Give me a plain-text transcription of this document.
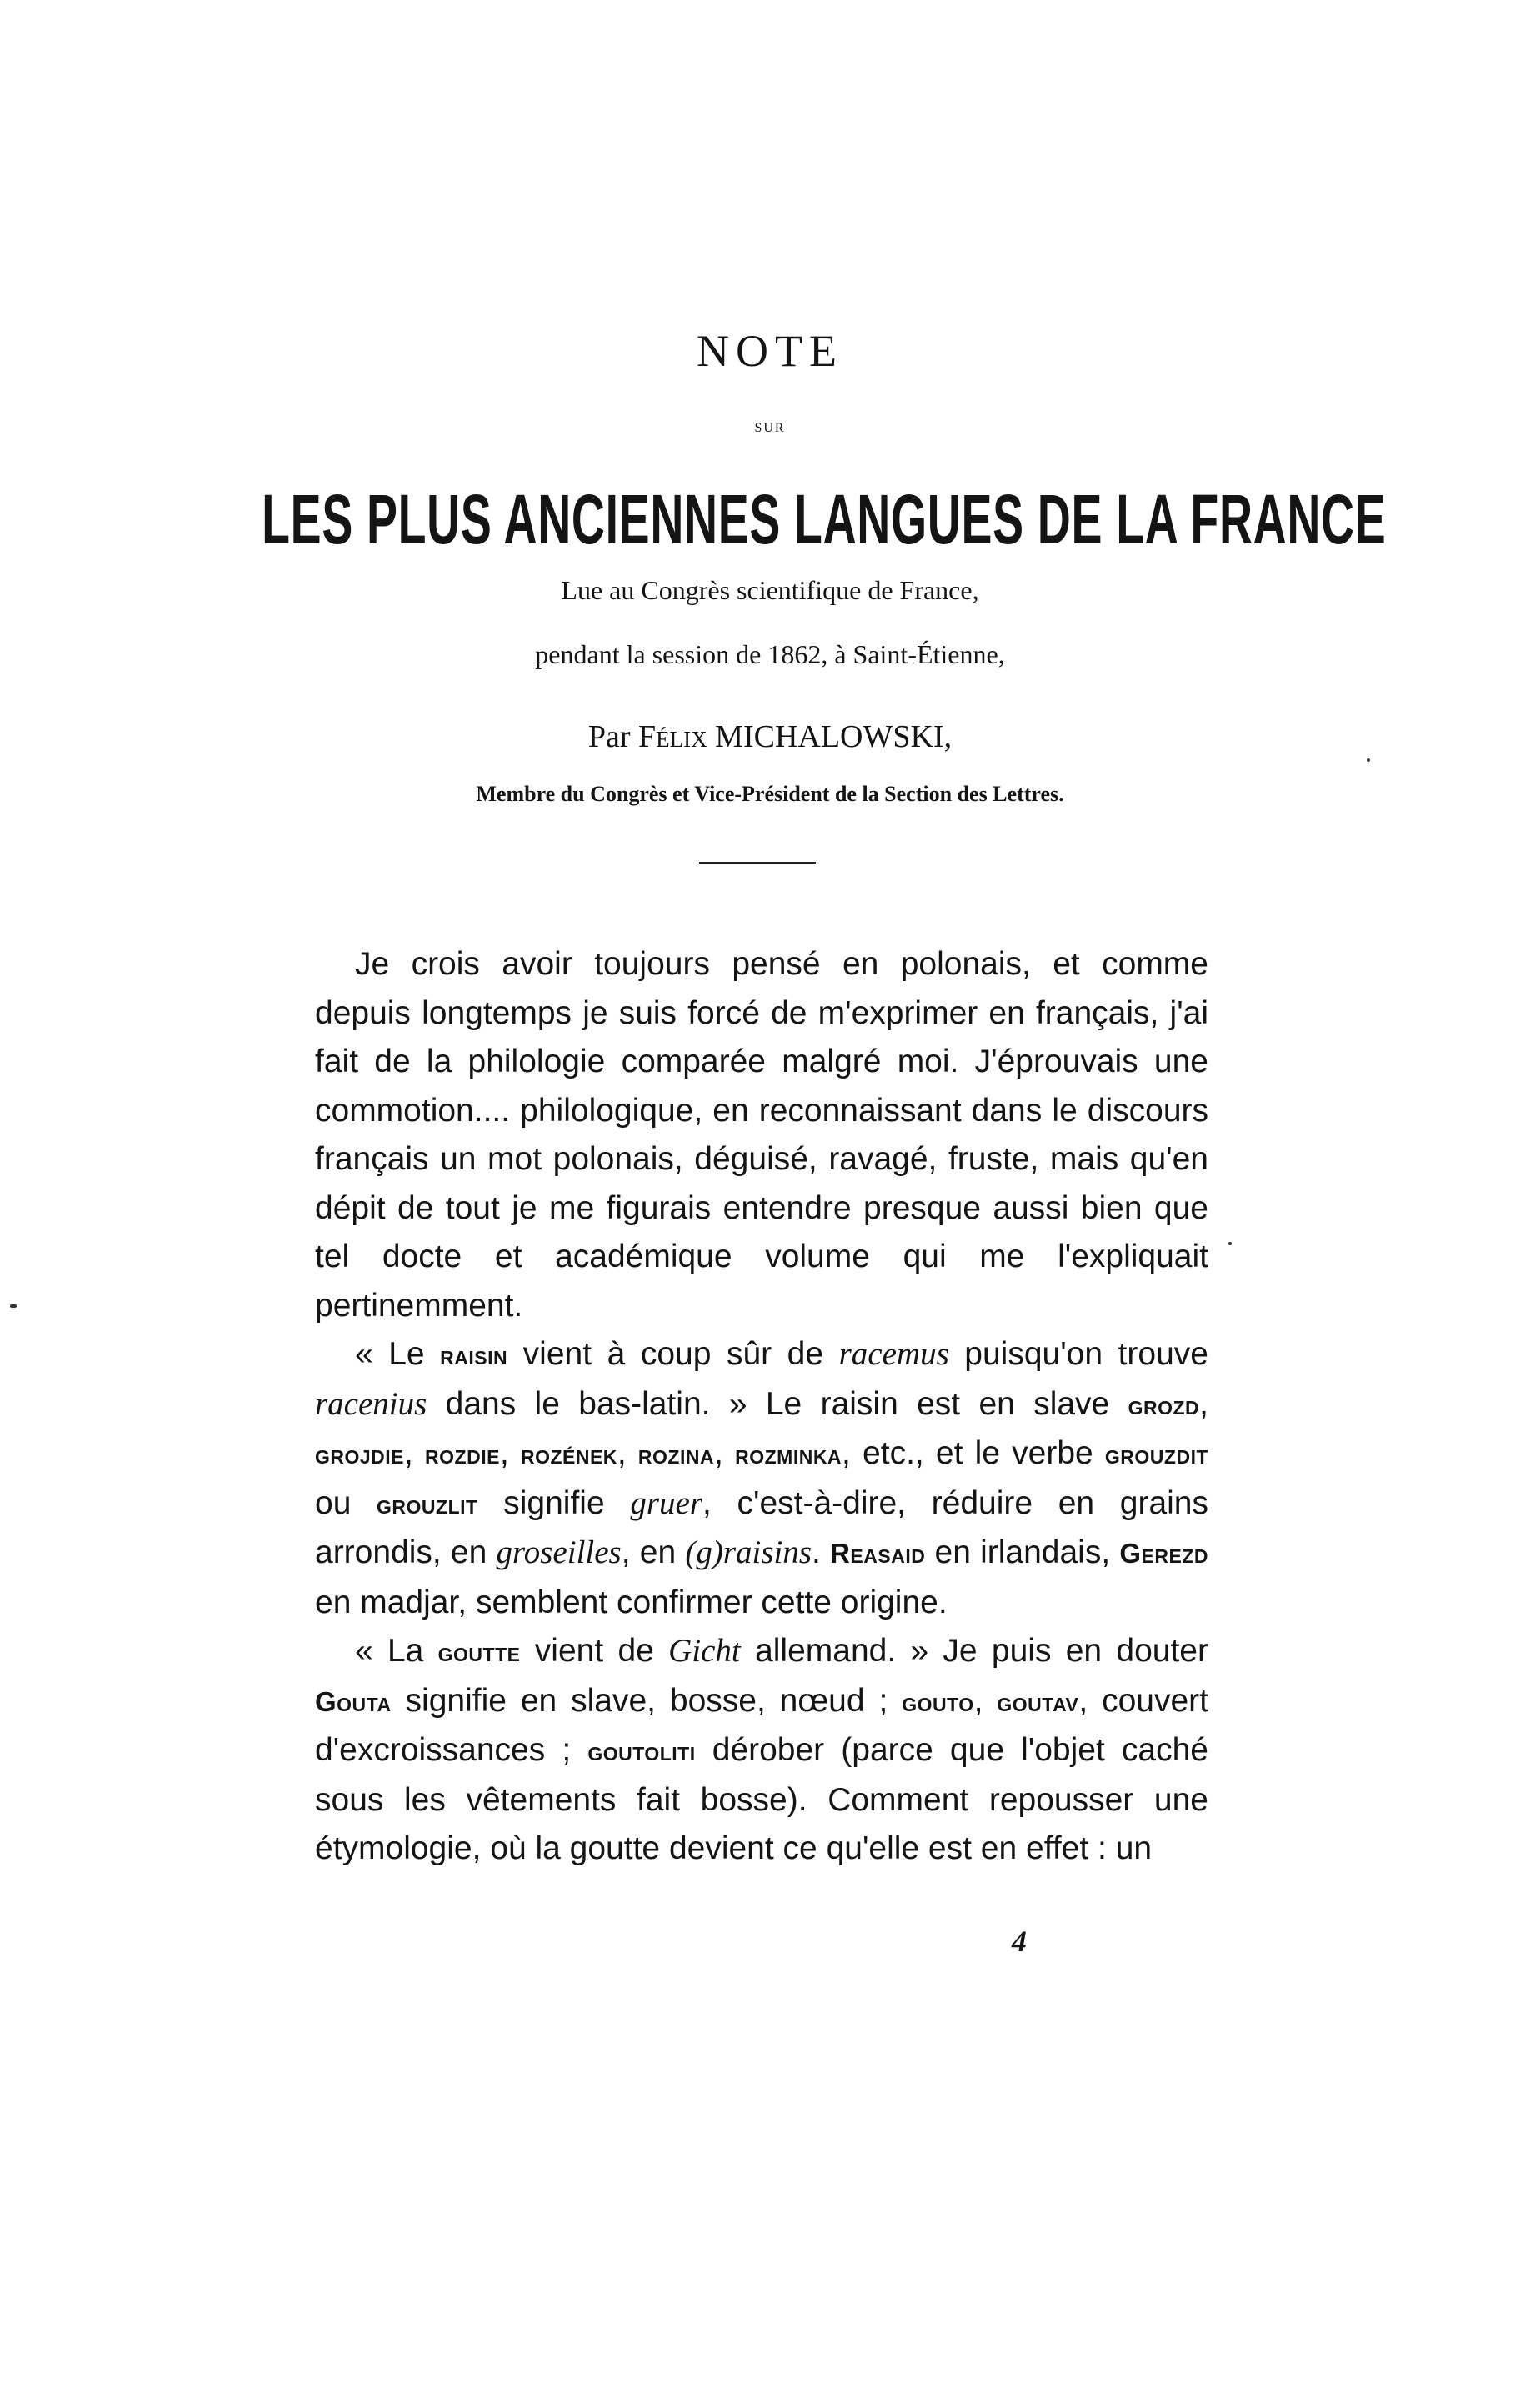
NOTE
SUR
LES PLUS ANCIENNES LANGUES DE LA FRANCE
Lue au Congrès scientifique de France,
pendant la session de 1862, à Saint-Étienne,
Par Félix MICHALOWSKI,
Membre du Congrès et Vice-Président de la Section des Lettres.

Je crois avoir toujours pensé en polonais, et comme depuis longtemps je suis forcé de m'exprimer en français, j'ai fait de la philologie comparée malgré moi. J'éprouvais une commotion.... philologique, en reconnaissant dans le discours français un mot polonais, déguisé, ravagé, fruste, mais qu'en dépit de tout je me figurais entendre presque aussi bien que tel docte et académique volume qui me l'expliquait pertinemment.

« Le raisin vient à coup sûr de racemus puisqu'on trouve racenius dans le bas-latin. » Le raisin est en slave grozd, grojdie, rozdie, rozének, rozina, rozminka, etc., et le verbe grouzdit ou grouzlit signifie gruer, c'est-à-dire, réduire en grains arrondis, en groseilles, en (g)raisins. Reasaid en irlandais, Gerezd en madjar, semblent confirmer cette origine.

« La goutte vient de Gicht allemand. » Je puis en douter Gouta signifie en slave, bosse, nœud ; gouto, goutav, couvert d'excroissances ; goutoliti dérober (parce que l'objet caché sous les vêtements fait bosse). Comment repousser une étymologie, où la goutte devient ce qu'elle est en effet : un

4
